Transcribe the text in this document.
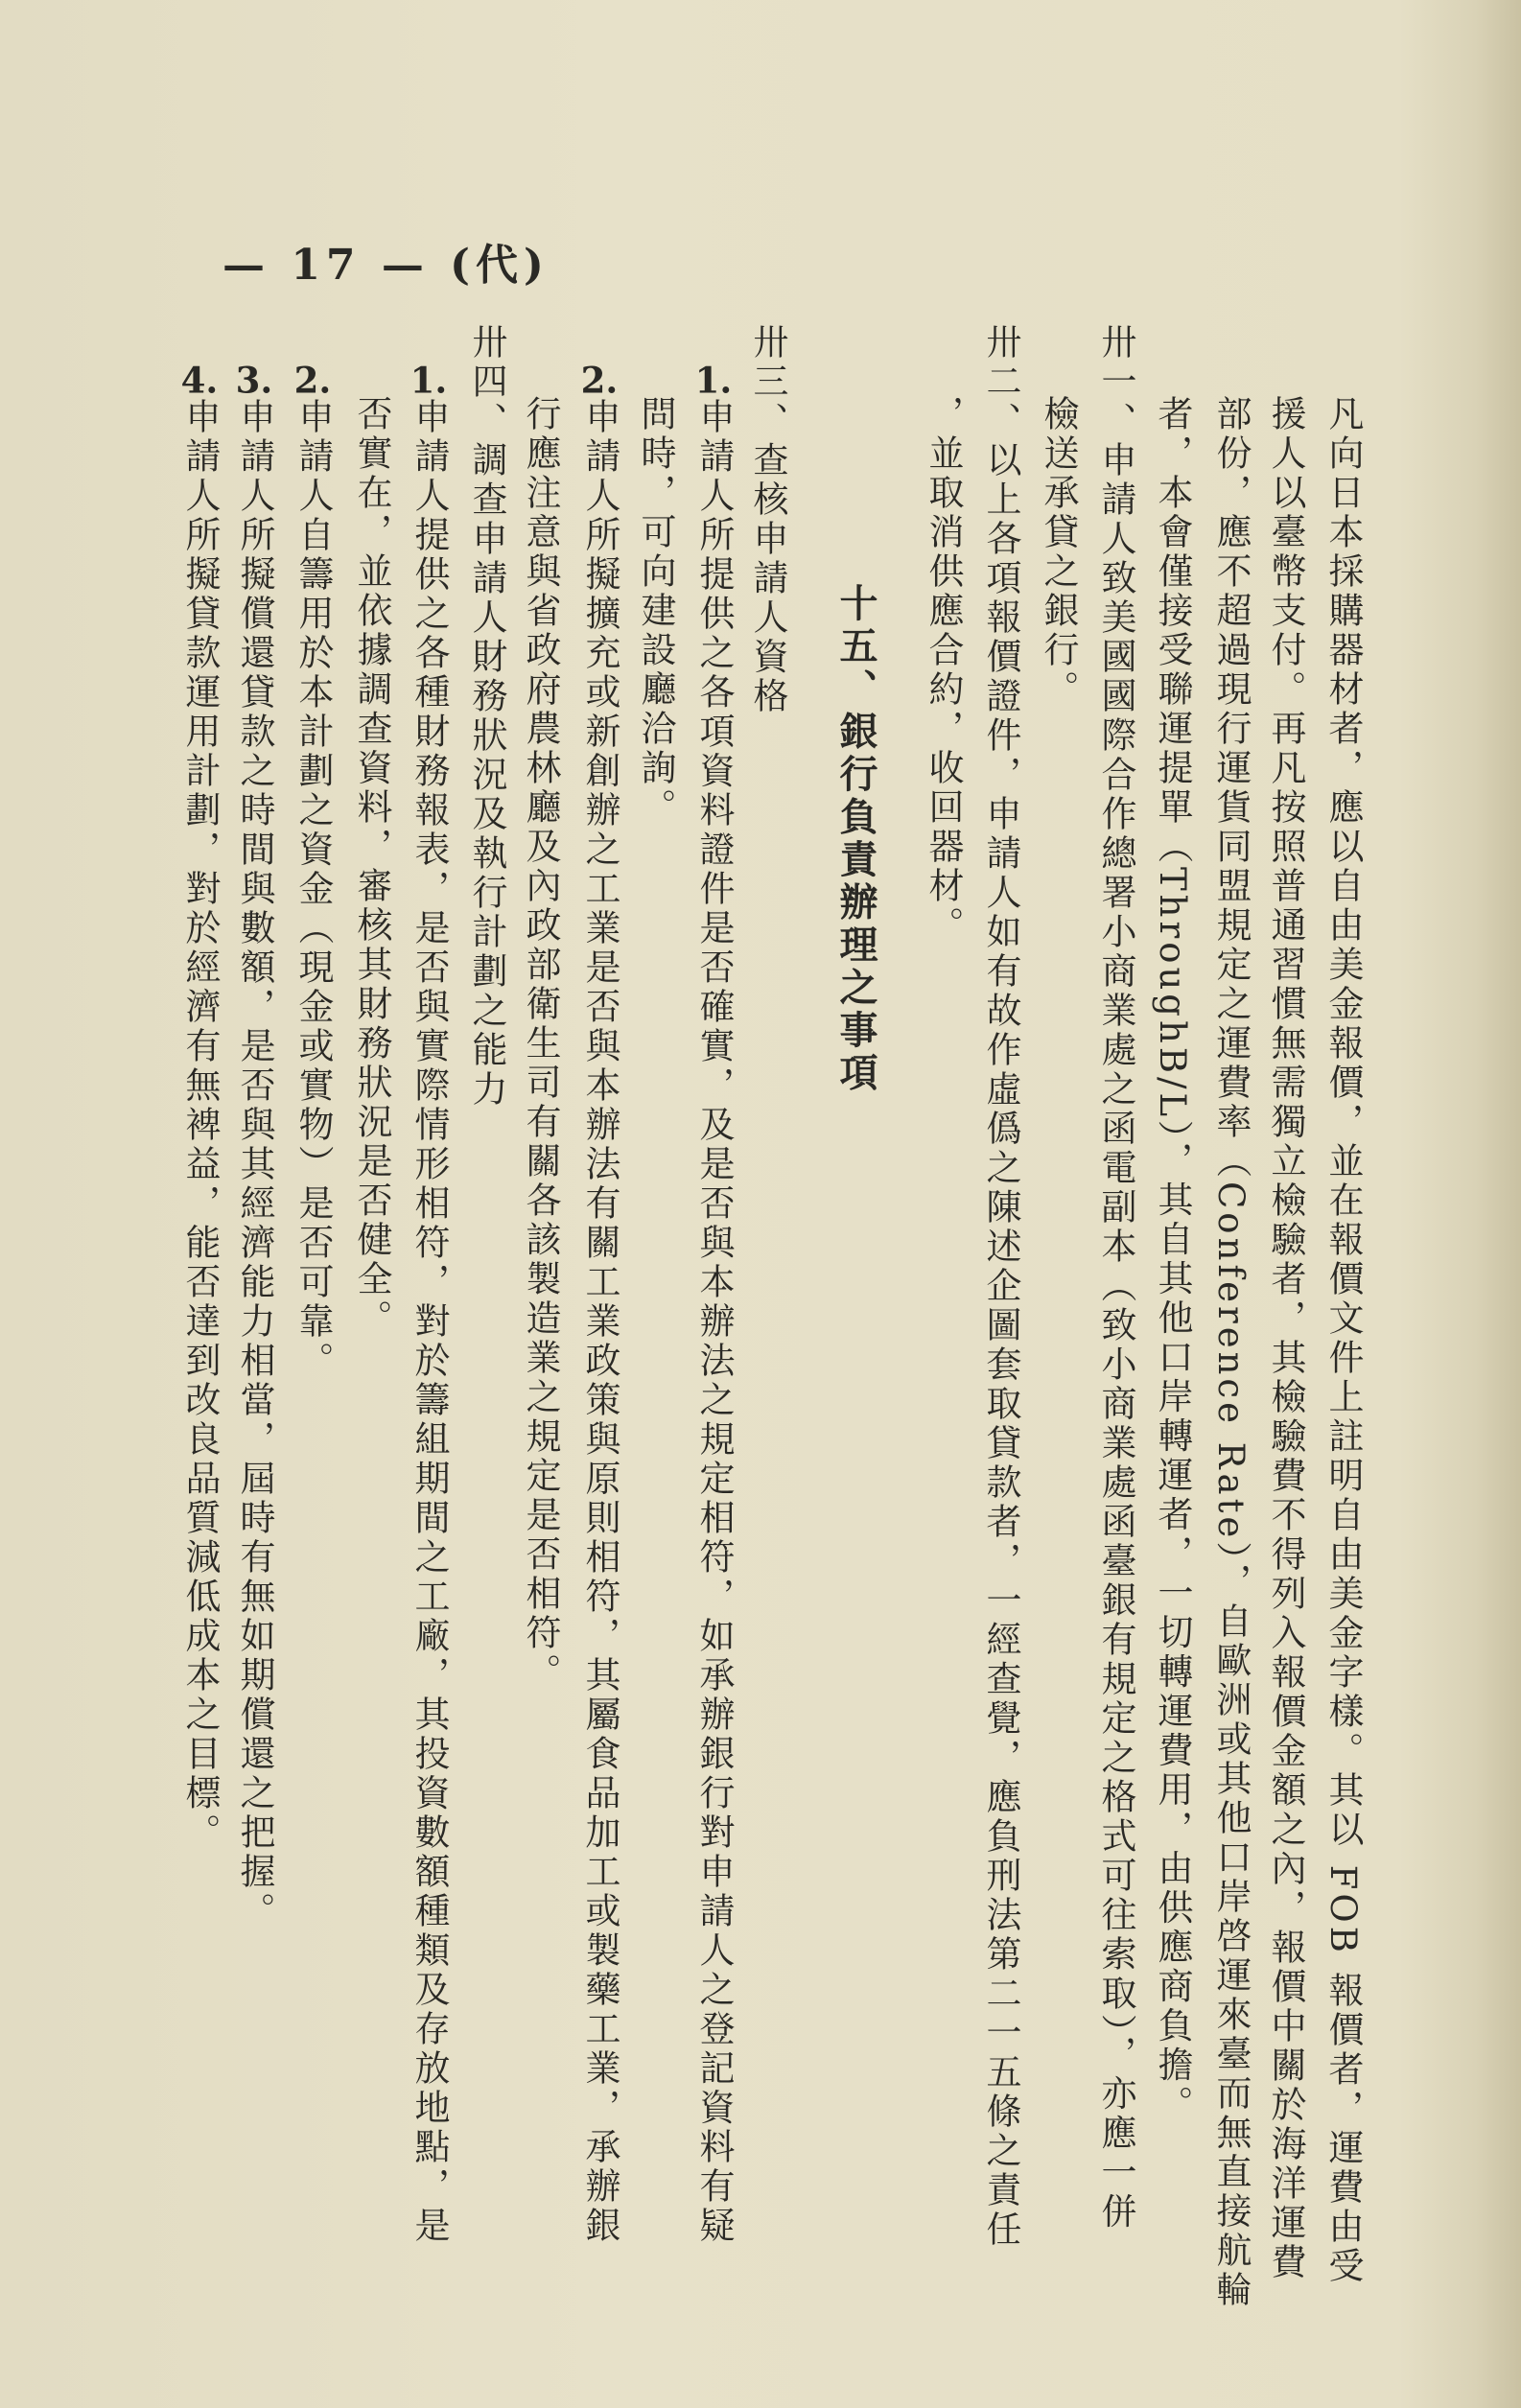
— 17 — (代)
凡向日本採購器材者，應以自由美金報價，並在報價文件上註明自由美金字樣。其以 FOB 報價者，運費由受
援人以臺幣支付。再凡按照普通習慣無需獨立檢驗者，其檢驗費不得列入報價金額之內，報價中關於海洋運費
部份，應不超過現行運貨同盟規定之運費率（Conference Rate），自歐洲或其他口岸啓運來臺而無直接航輪
者，本會僅接受聯運提單（ThroughB/L），其自其他口岸轉運者，一切轉運費用，由供應商負擔。
卅一、申請人致美國國際合作總署小商業處之函電副本（致小商業處函臺銀有規定之格式可往索取），亦應一併
檢送承貸之銀行。
卅二、以上各項報價證件，申請人如有故作虛僞之陳述企圖套取貸款者，一經查覺，應負刑法第二一五條之責任
，並取消供應合約，收回器材。
十五、銀行負責辦理之事項
卅三、查核申請人資格
1.申請人所提供之各項資料證件是否確實，及是否與本辦法之規定相符，如承辦銀行對申請人之登記資料有疑
問時，可向建設廳洽詢。
2.申請人所擬擴充或新創辦之工業是否與本辦法有關工業政策與原則相符，其屬食品加工或製藥工業，承辦銀
行應注意與省政府農林廳及內政部衛生司有關各該製造業之規定是否相符。
卅四、調查申請人財務狀況及執行計劃之能力
1.申請人提供之各種財務報表，是否與實際情形相符，對於籌組期間之工廠，其投資數額種類及存放地點，是
否實在，並依據調查資料，審核其財務狀況是否健全。
2.申請人自籌用於本計劃之資金（現金或實物）是否可靠。
3.申請人所擬償還貸款之時間與數額，是否與其經濟能力相當，屆時有無如期償還之把握。
4.申請人所擬貸款運用計劃，對於經濟有無裨益，能否達到改良品質減低成本之目標。
